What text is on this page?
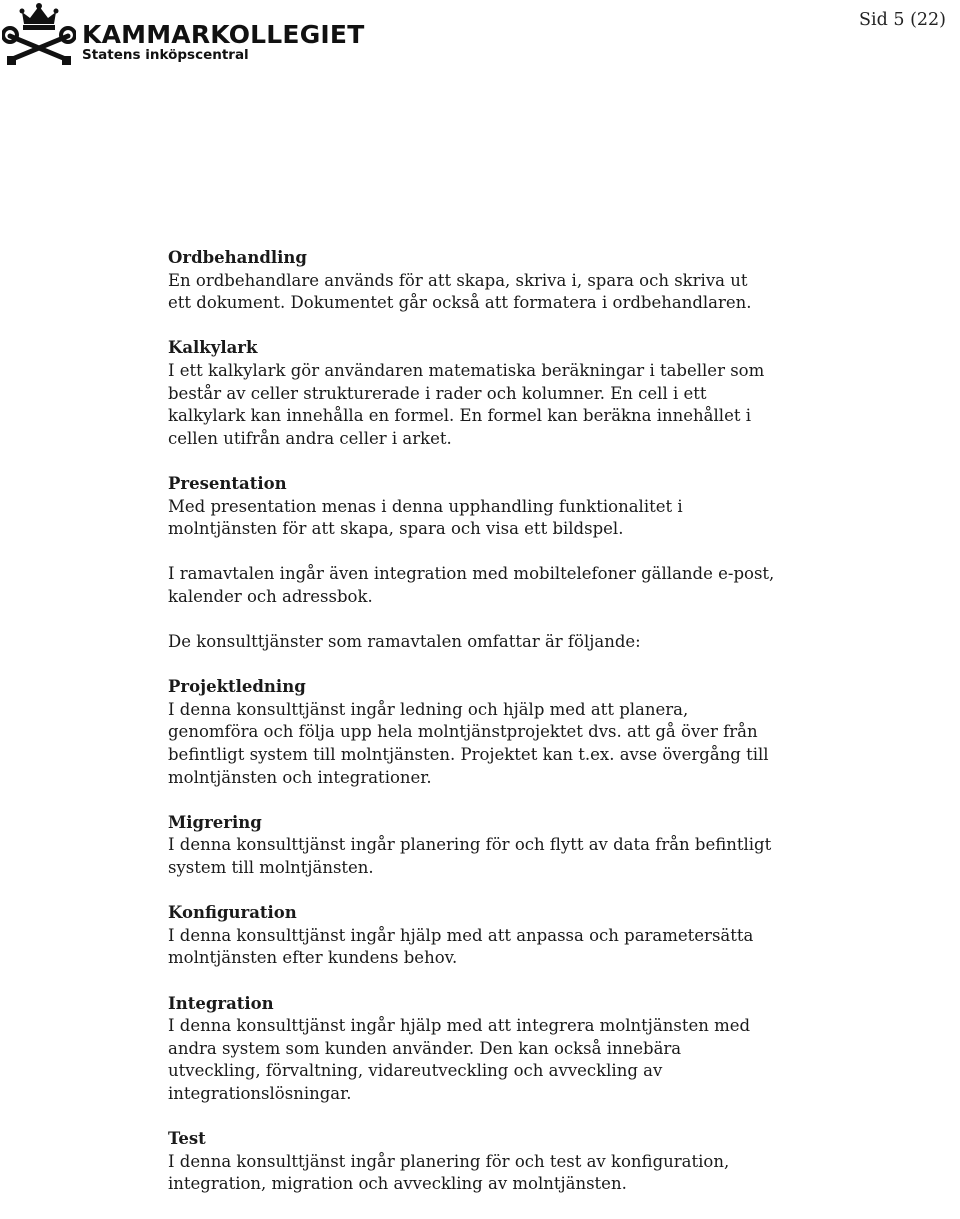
KAMMARKOLLEGIET
Statens inköpscentral
Sid 5 (22)
Ordbehandling
En ordbehandlare används för att skapa, skriva i, spara och skriva ut
ett dokument. Dokumentet går också att formatera i ordbehandlaren.
Kalkylark
I ett kalkylark gör användaren matematiska beräkningar i tabeller som
består av celler strukturerade i rader och kolumner. En cell i ett
kalkylark kan innehålla en formel. En formel kan beräkna innehållet i
cellen utifrån andra celler i arket.
Presentation
Med presentation menas i denna upphandling funktionalitet i
molntjänsten för att skapa, spara och visa ett bildspel.
I ramavtalen ingår även integration med mobiltelefoner gällande e-post,
kalender och adressbok.
De konsulttjänster som ramavtalen omfattar är följande:
Projektledning
I denna konsulttjänst ingår ledning och hjälp med att planera,
genomföra och följa upp hela molntjänstprojektet dvs. att gå över från
befintligt system till molntjänsten. Projektet kan t.ex. avse övergång till
molntjänsten och integrationer.
Migrering
I denna konsulttjänst ingår planering för och flytt av data från befintligt
system till molntjänsten.
Konfiguration
I denna konsulttjänst ingår hjälp med att anpassa och parametersätta
molntjänsten efter kundens behov.
Integration
I denna konsulttjänst ingår hjälp med att integrera molntjänsten med
andra system som kunden använder. Den kan också innebära
utveckling, förvaltning, vidareutveckling och avveckling av
integrationslösningar.
Test
I denna konsulttjänst ingår planering för och test av konfiguration,
integration, migration och avveckling av molntjänsten.
